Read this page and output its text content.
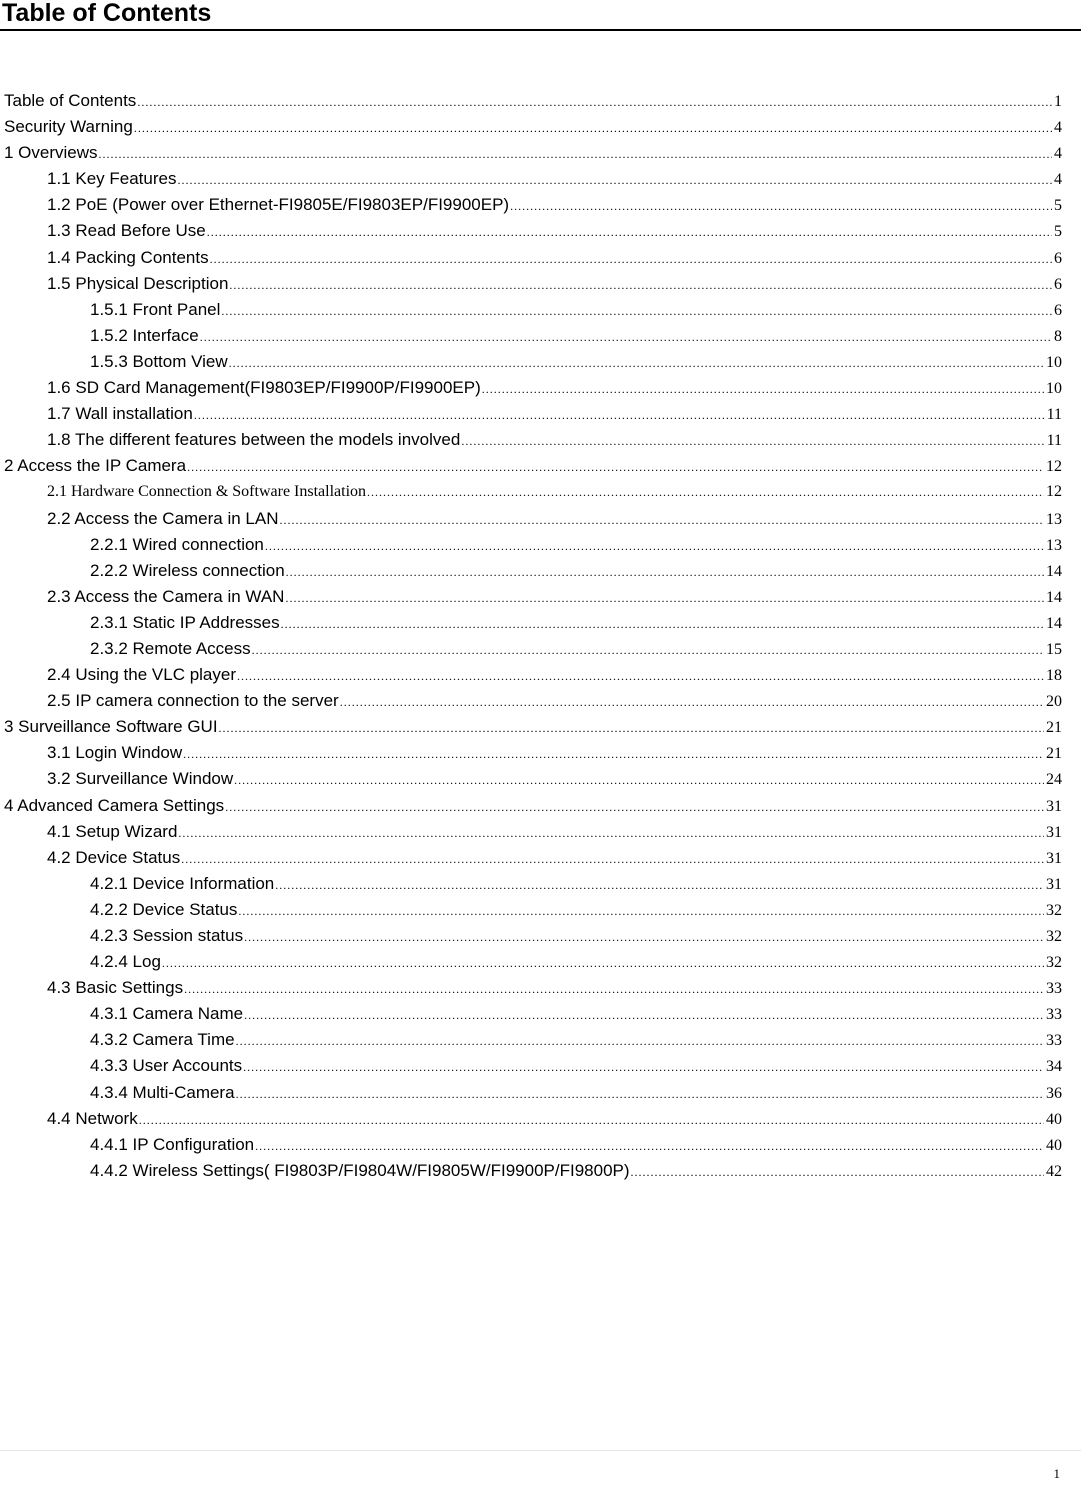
Table of Contents
Table of Contents .....	1
Security Warning .....	4
1 Overviews .....	4
1.1 Key Features .....	4
1.2 PoE (Power over Ethernet-FI9805E/FI9803EP/FI9900EP) .....	5
1.3 Read Before Use .....	5
1.4 Packing Contents .....	6
1.5 Physical Description .....	6
1.5.1 Front Panel .....	6
1.5.2 Interface .....	8
1.5.3 Bottom View .....	10
1.6 SD Card Management(FI9803EP/FI9900P/FI9900EP) .....	10
1.7 Wall installation .....	11
1.8 The different features between the models involved .....	11
2 Access the IP Camera .....	12
2.1 Hardware Connection & Software Installation .....	12
2.2 Access the Camera in LAN .....	13
2.2.1 Wired connection .....	13
2.2.2 Wireless connection .....	14
2.3 Access the Camera in WAN .....	14
2.3.1 Static IP Addresses .....	14
2.3.2 Remote Access .....	15
2.4 Using the VLC player .....	18
2.5 IP camera connection to the server .....	20
3 Surveillance Software GUI .....	21
3.1 Login Window .....	21
3.2 Surveillance Window .....	24
4 Advanced Camera Settings .....	31
4.1 Setup Wizard .....	31
4.2 Device Status .....	31
4.2.1 Device Information .....	31
4.2.2 Device Status .....	32
4.2.3 Session status .....	32
4.2.4 Log .....	32
4.3 Basic Settings .....	33
4.3.1 Camera Name .....	33
4.3.2 Camera Time .....	33
4.3.3 User Accounts .....	34
4.3.4 Multi-Camera .....	36
4.4 Network .....	40
4.4.1 IP Configuration .....	40
4.4.2 Wireless Settings( FI9803P/FI9804W/FI9805W/FI9900P/FI9800P) .....	42
1
